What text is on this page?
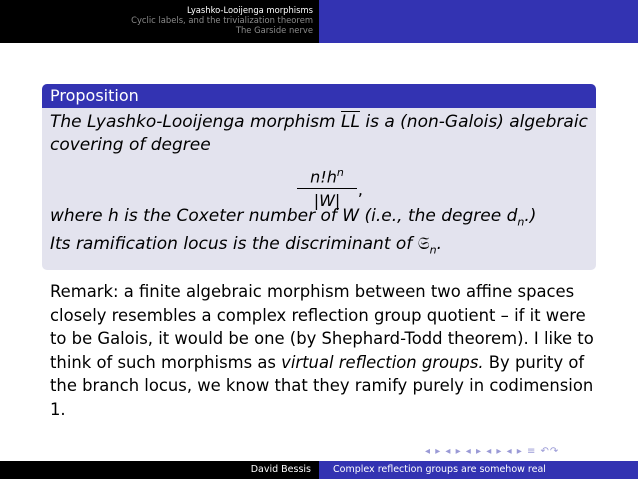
Lyashko-Looijenga morphisms
Cyclic labels, and the trivialization theorem
The Garside nerve
Proposition
The Lyashko-Looijenga morphism $\overline{LL}$ is a (non-Galois) algebraic
covering of degree
$n!h^n$
|W|
,
where h is the Coxeter number of W (i.e., the degree $d_n$.)
Its ramification locus is the discriminant of 𝔖$_n$.
Remark: a finite algebraic morphism between two affine spaces closely resembles a complex reflection group quotient – if it were to be Galois, it would be one (by Shephard-Todd theorem). I like to think of such morphisms as virtual reflection groups. By purity of the branch locus, we know that they ramify purely in codimension 1.
◂ ▸ ◂ ▸ ◂ ▸ ◂ ▸ ◂ ▸ ≡ ↶↷
David Bessis	Complex reflection groups are somehow real
